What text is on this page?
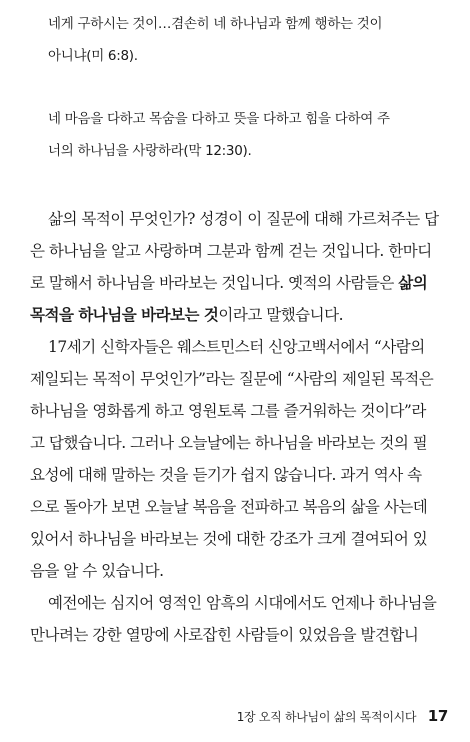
네게 구하시는 것이…겸손히 네 하나님과 함께 행하는 것이
아니냐(미 6:8).
네 마음을 다하고 목숨을 다하고 뜻을 다하고 힘을 다하여 주
너의 하나님을 사랑하라(막 12:30).
삶의 목적이 무엇인가? 성경이 이 질문에 대해 가르쳐주는 답
은 하나님을 알고 사랑하며 그분과 함께 걷는 것입니다. 한마디
로 말해서 하나님을 바라보는 것입니다. 옛적의 사람들은 삶의
목적을 하나님을 바라보는 것이라고 말했습니다.
17세기 신학자들은 웨스트민스터 신앙고백서에서 “사람의
제일되는 목적이 무엇인가”라는 질문에 “사람의 제일된 목적은
하나님을 영화롭게 하고 영원토록 그를 즐거워하는 것이다”라
고 답했습니다. 그러나 오늘날에는 하나님을 바라보는 것의 필
요성에 대해 말하는 것을 듣기가 쉽지 않습니다. 과거 역사 속
으로 돌아가 보면 오늘날 복음을 전파하고 복음의 삶을 사는데
있어서 하나님을 바라보는 것에 대한 강조가 크게 결여되어 있
음을 알 수 있습니다.
예전에는 심지어 영적인 암흑의 시대에서도 언제나 하나님을
만나려는 강한 열망에 사로잡힌 사람들이 있었음을 발견합니
1장 오직 하나님이 삶의 목적이시다 17
